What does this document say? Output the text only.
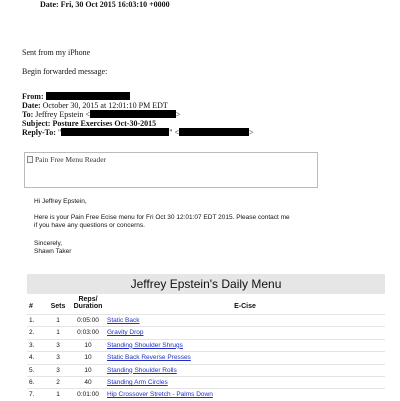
Date: Fri, 30 Oct 2015 16:03:10 +0000
Sent from my iPhone
Begin forwarded message:
From:
Date: October 30, 2015 at 12:01:10 PM EDT
To: Jeffrey Epstein <	>
Subject: Posture Exercises Oct-30-2015
Reply-To: "	" <	>
Pain Free Menu Reader
Hi Jeffrey Epstein,
Here is your Pain Free Ecise menu for Fri Oct 30 12:01:07 EDT 2015. Please contact me
if you have any questions or concerns.
Sincerely,
Shawn Taker
Jeffrey Epstein's Daily Menu
#	Sets	Reps/
Duration	E-Cise
1.	1	0:05:00	Static Back
2.	1	0:03:00	Gravity Drop
3.	3	10	Standing Shoulder Shrugs
4.	3	10	Static Back Reverse Presses
5.	3	10	Standing Shoulder Rolls
6.	2	40	Standing Arm Circles
7.	1	0:01:00	Hip Crossover Stretch - Palms Down
